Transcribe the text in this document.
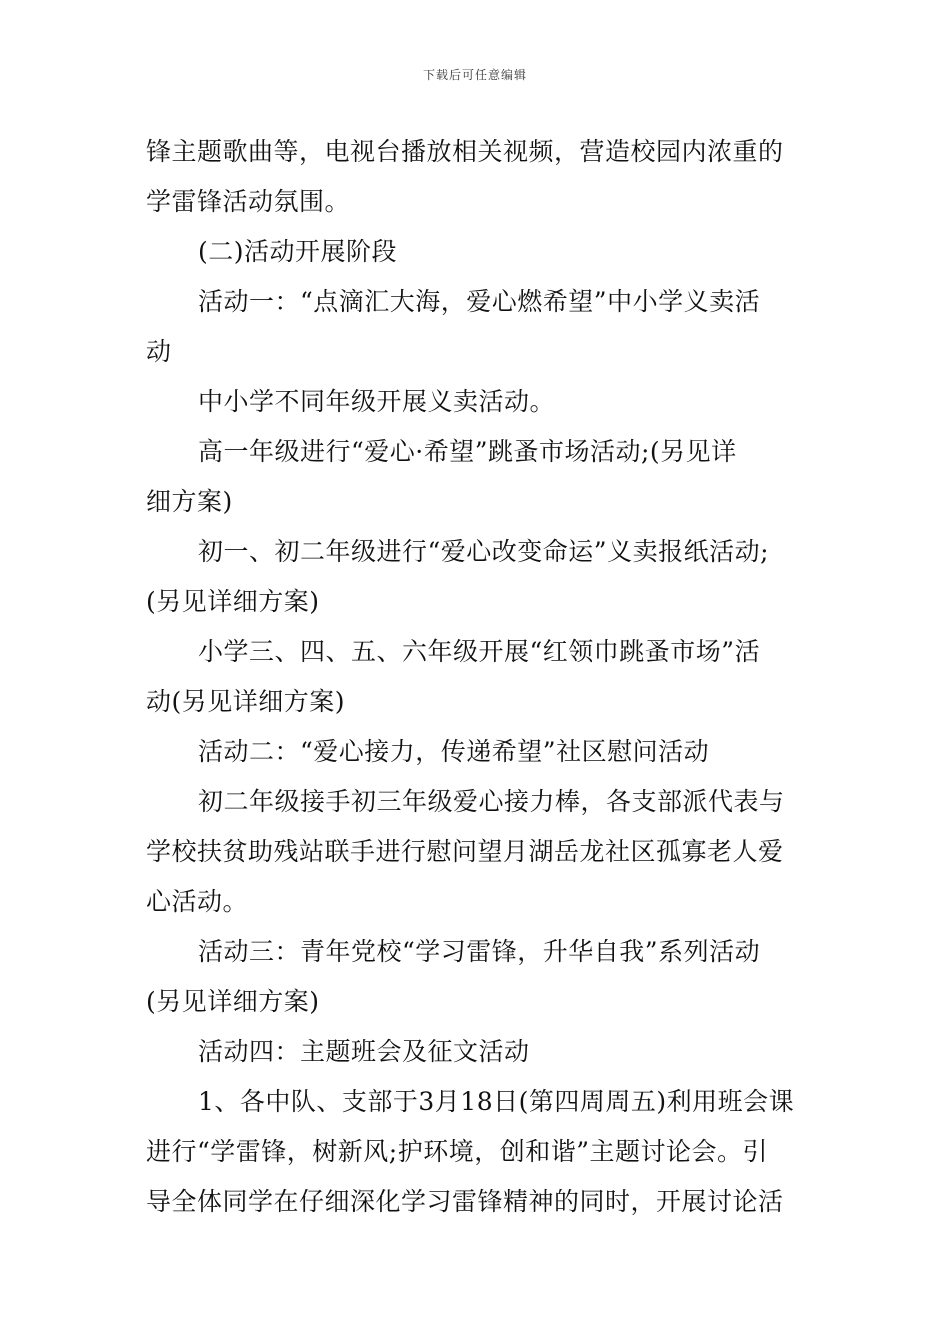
下载后可任意编辑
锋主题歌曲等，电视台播放相关视频，营造校园内浓重的
学雷锋活动氛围。
(二)活动开展阶段
活动一：“点滴汇大海，爱心燃希望”中小学义卖活
动
中小学不同年级开展义卖活动。
高一年级进行“爱心·希望”跳蚤市场活动;(另见详
细方案)
初一、初二年级进行“爱心改变命运”义卖报纸活动;
(另见详细方案)
小学三、四、五、六年级开展“红领巾跳蚤市场”活
动(另见详细方案)
活动二：“爱心接力，传递希望”社区慰问活动
初二年级接手初三年级爱心接力棒，各支部派代表与
学校扶贫助残站联手进行慰问望月湖岳龙社区孤寡老人爱
心活动。
活动三：青年党校“学习雷锋，升华自我”系列活动
(另见详细方案)
活动四：主题班会及征文活动
1、各中队、支部于3月18日(第四周周五)利用班会课
进行“学雷锋，树新风;护环境，创和谐”主题讨论会。引
导全体同学在仔细深化学习雷锋精神的同时，开展讨论活
